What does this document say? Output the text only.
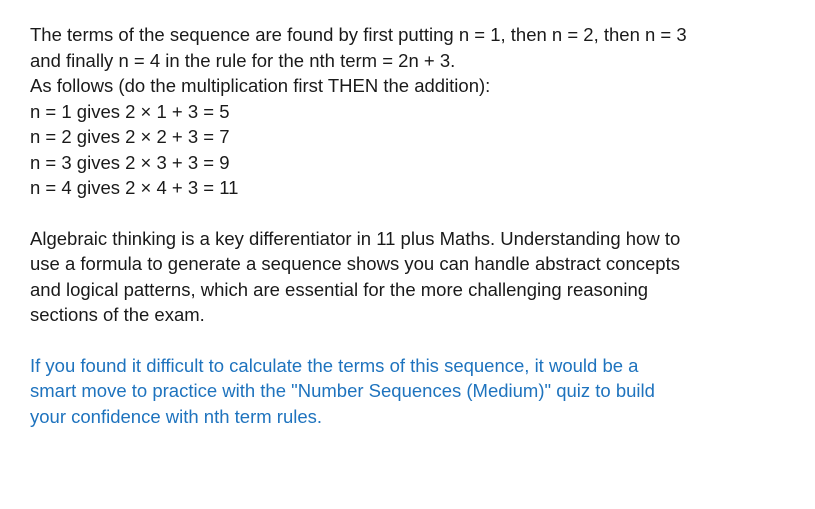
The terms of the sequence are found by first putting n = 1, then n = 2, then n = 3 and finally n = 4 in the rule for the nth term = 2n + 3.

As follows (do the multiplication first THEN the addition):

n = 1 gives 2 × 1 + 3 = 5
n = 2 gives 2 × 2 + 3 = 7
n = 3 gives 2 × 3 + 3 = 9
n = 4 gives 2 × 4 + 3 = 11

Algebraic thinking is a key differentiator in 11 plus Maths. Understanding how to use a formula to generate a sequence shows you can handle abstract concepts and logical patterns, which are essential for the more challenging reasoning sections of the exam.

If you found it difficult to calculate the terms of this sequence, it would be a smart move to practice with the "Number Sequences (Medium)" quiz to build your confidence with nth term rules.
